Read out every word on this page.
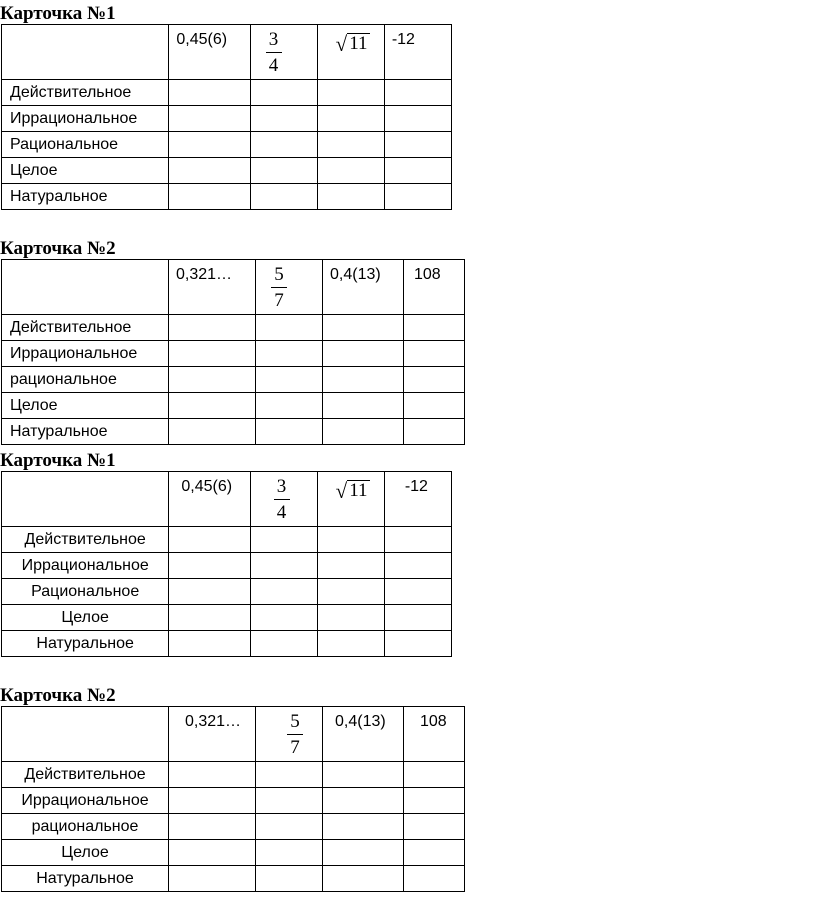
Карточка №1
	0,45(6)	$\frac{3}{4}$	√ 11	-12
Действительное				
Иррациональное				
Рациональное				
Целое				
Натуральное				
Карточка №2
	0,321…	$\frac{5}{7}$	0,4(13)	108
Действительное				
Иррациональное				
рациональное				
Целое				
Натуральное				
Карточка №1
	0,45(6)	$\frac{3}{4}$	√ 11	-12
Действительное				
Иррациональное				
Рациональное				
Целое				
Натуральное				
Карточка №2
	0,321…	$\frac{5}{7}$	0,4(13)	108
Действительное				
Иррациональное				
рациональное				
Целое				
Натуральное				
